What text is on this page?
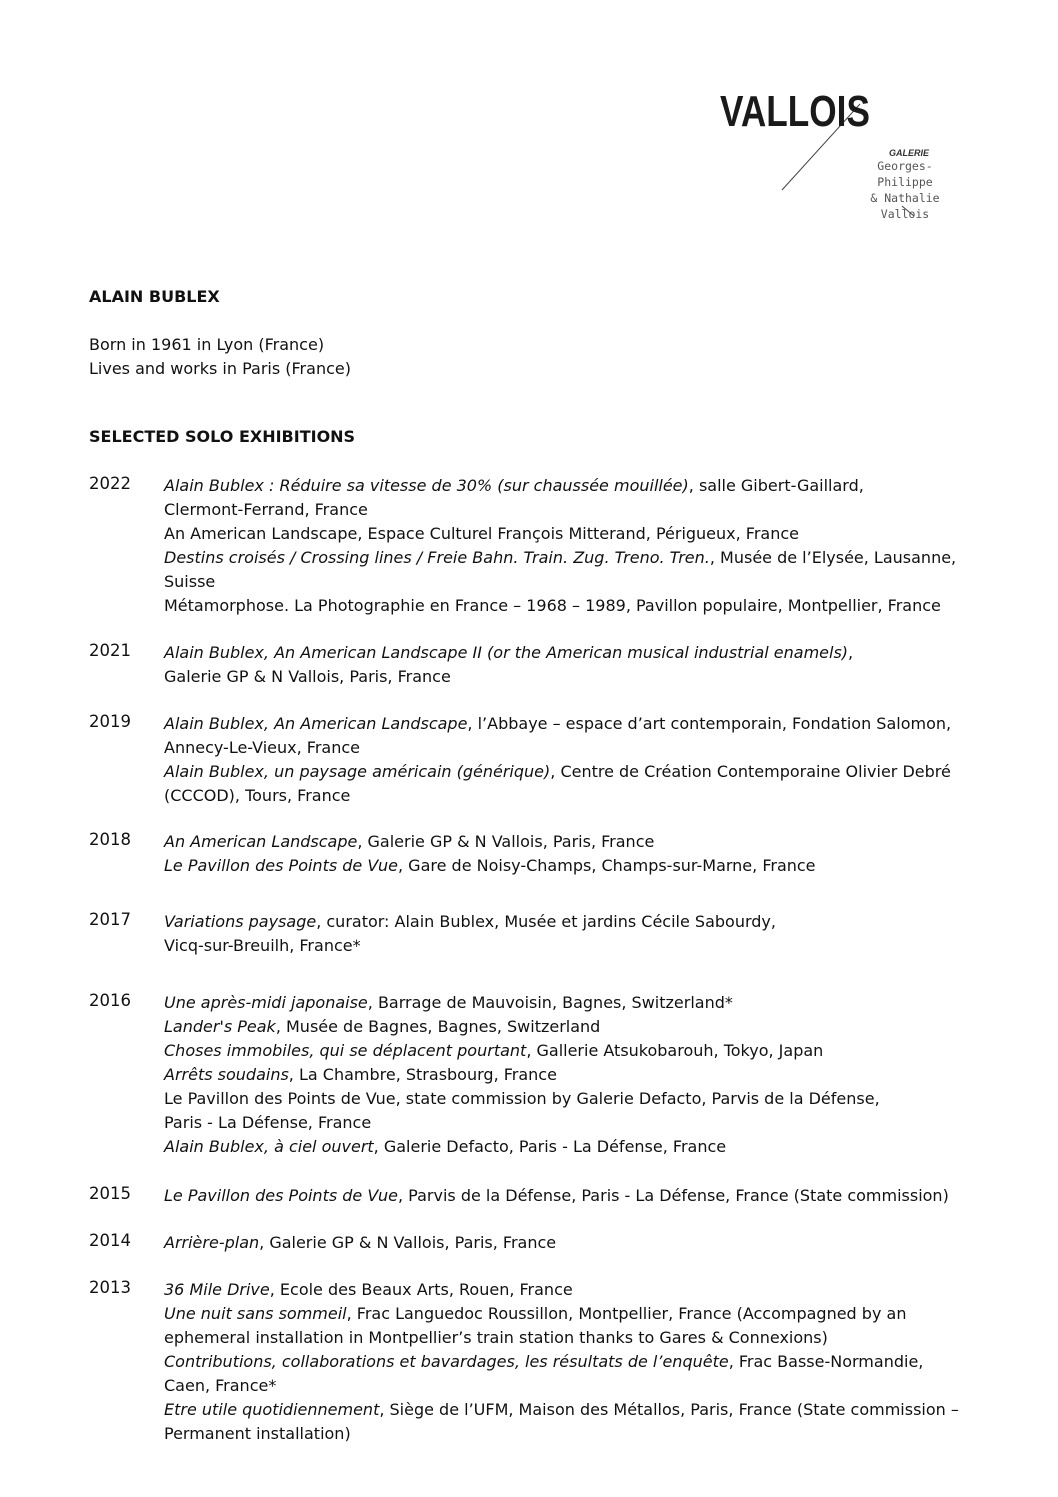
VALLOIS
GALERIE
Georges-Philippe
& Nathalie
Vallois
ALAIN BUBLEX
Born in 1961 in Lyon (France)
Lives and works in Paris (France)
SELECTED SOLO EXHIBITIONS
2022 Alain Bublex : Réduire sa vitesse de 30% (sur chaussée mouillée), salle Gibert-Gaillard,

Clermont-Ferrand, France

An American Landscape, Espace Culturel François Mitterand, Périgueux, France

Destins croisés / Crossing lines / Freie Bahn. Train. Zug. Treno. Tren., Musée de l’Elysée, Lausanne,

Suisse

Métamorphose. La Photographie en France – 1968 – 1989, Pavillon populaire, Montpellier, France

2021 Alain Bublex, An American Landscape II (or the American musical industrial enamels),

Galerie GP & N Vallois, Paris, France

2019 Alain Bublex, An American Landscape, l’Abbaye – espace d’art contemporain, Fondation Salomon,

Annecy-Le-Vieux, France

Alain Bublex, un paysage américain (générique), Centre de Création Contemporaine Olivier Debré

(CCCOD), Tours, France

2018 An American Landscape, Galerie GP & N Vallois, Paris, France

Le Pavillon des Points de Vue, Gare de Noisy-Champs, Champs-sur-Marne, France

2017 Variations paysage, curator: Alain Bublex, Musée et jardins Cécile Sabourdy,

Vicq-sur-Breuilh, France*

2016 Une après-midi japonaise, Barrage de Mauvoisin, Bagnes, Switzerland*

Lander's Peak, Musée de Bagnes, Bagnes, Switzerland

Choses immobiles, qui se déplacent pourtant, Gallerie Atsukobarouh, Tokyo, Japan

Arrêts soudains, La Chambre, Strasbourg, France

Le Pavillon des Points de Vue, state commission by Galerie Defacto, Parvis de la Défense,

Paris - La Défense, France

Alain Bublex, à ciel ouvert, Galerie Defacto, Paris - La Défense, France

2015 Le Pavillon des Points de Vue, Parvis de la Défense, Paris - La Défense, France (State commission)

2014 Arrière-plan, Galerie GP & N Vallois, Paris, France

2013 36 Mile Drive, Ecole des Beaux Arts, Rouen, France

Une nuit sans sommeil, Frac Languedoc Roussillon, Montpellier, France (Accompagned by an

ephemeral installation in Montpellier’s train station thanks to Gares & Connexions)

Contributions, collaborations et bavardages, les résultats de l’enquête, Frac Basse-Normandie,

Caen, France*

Etre utile quotidiennement, Siège de l’UFM, Maison des Métallos, Paris, France (State commission –

Permanent installation)
